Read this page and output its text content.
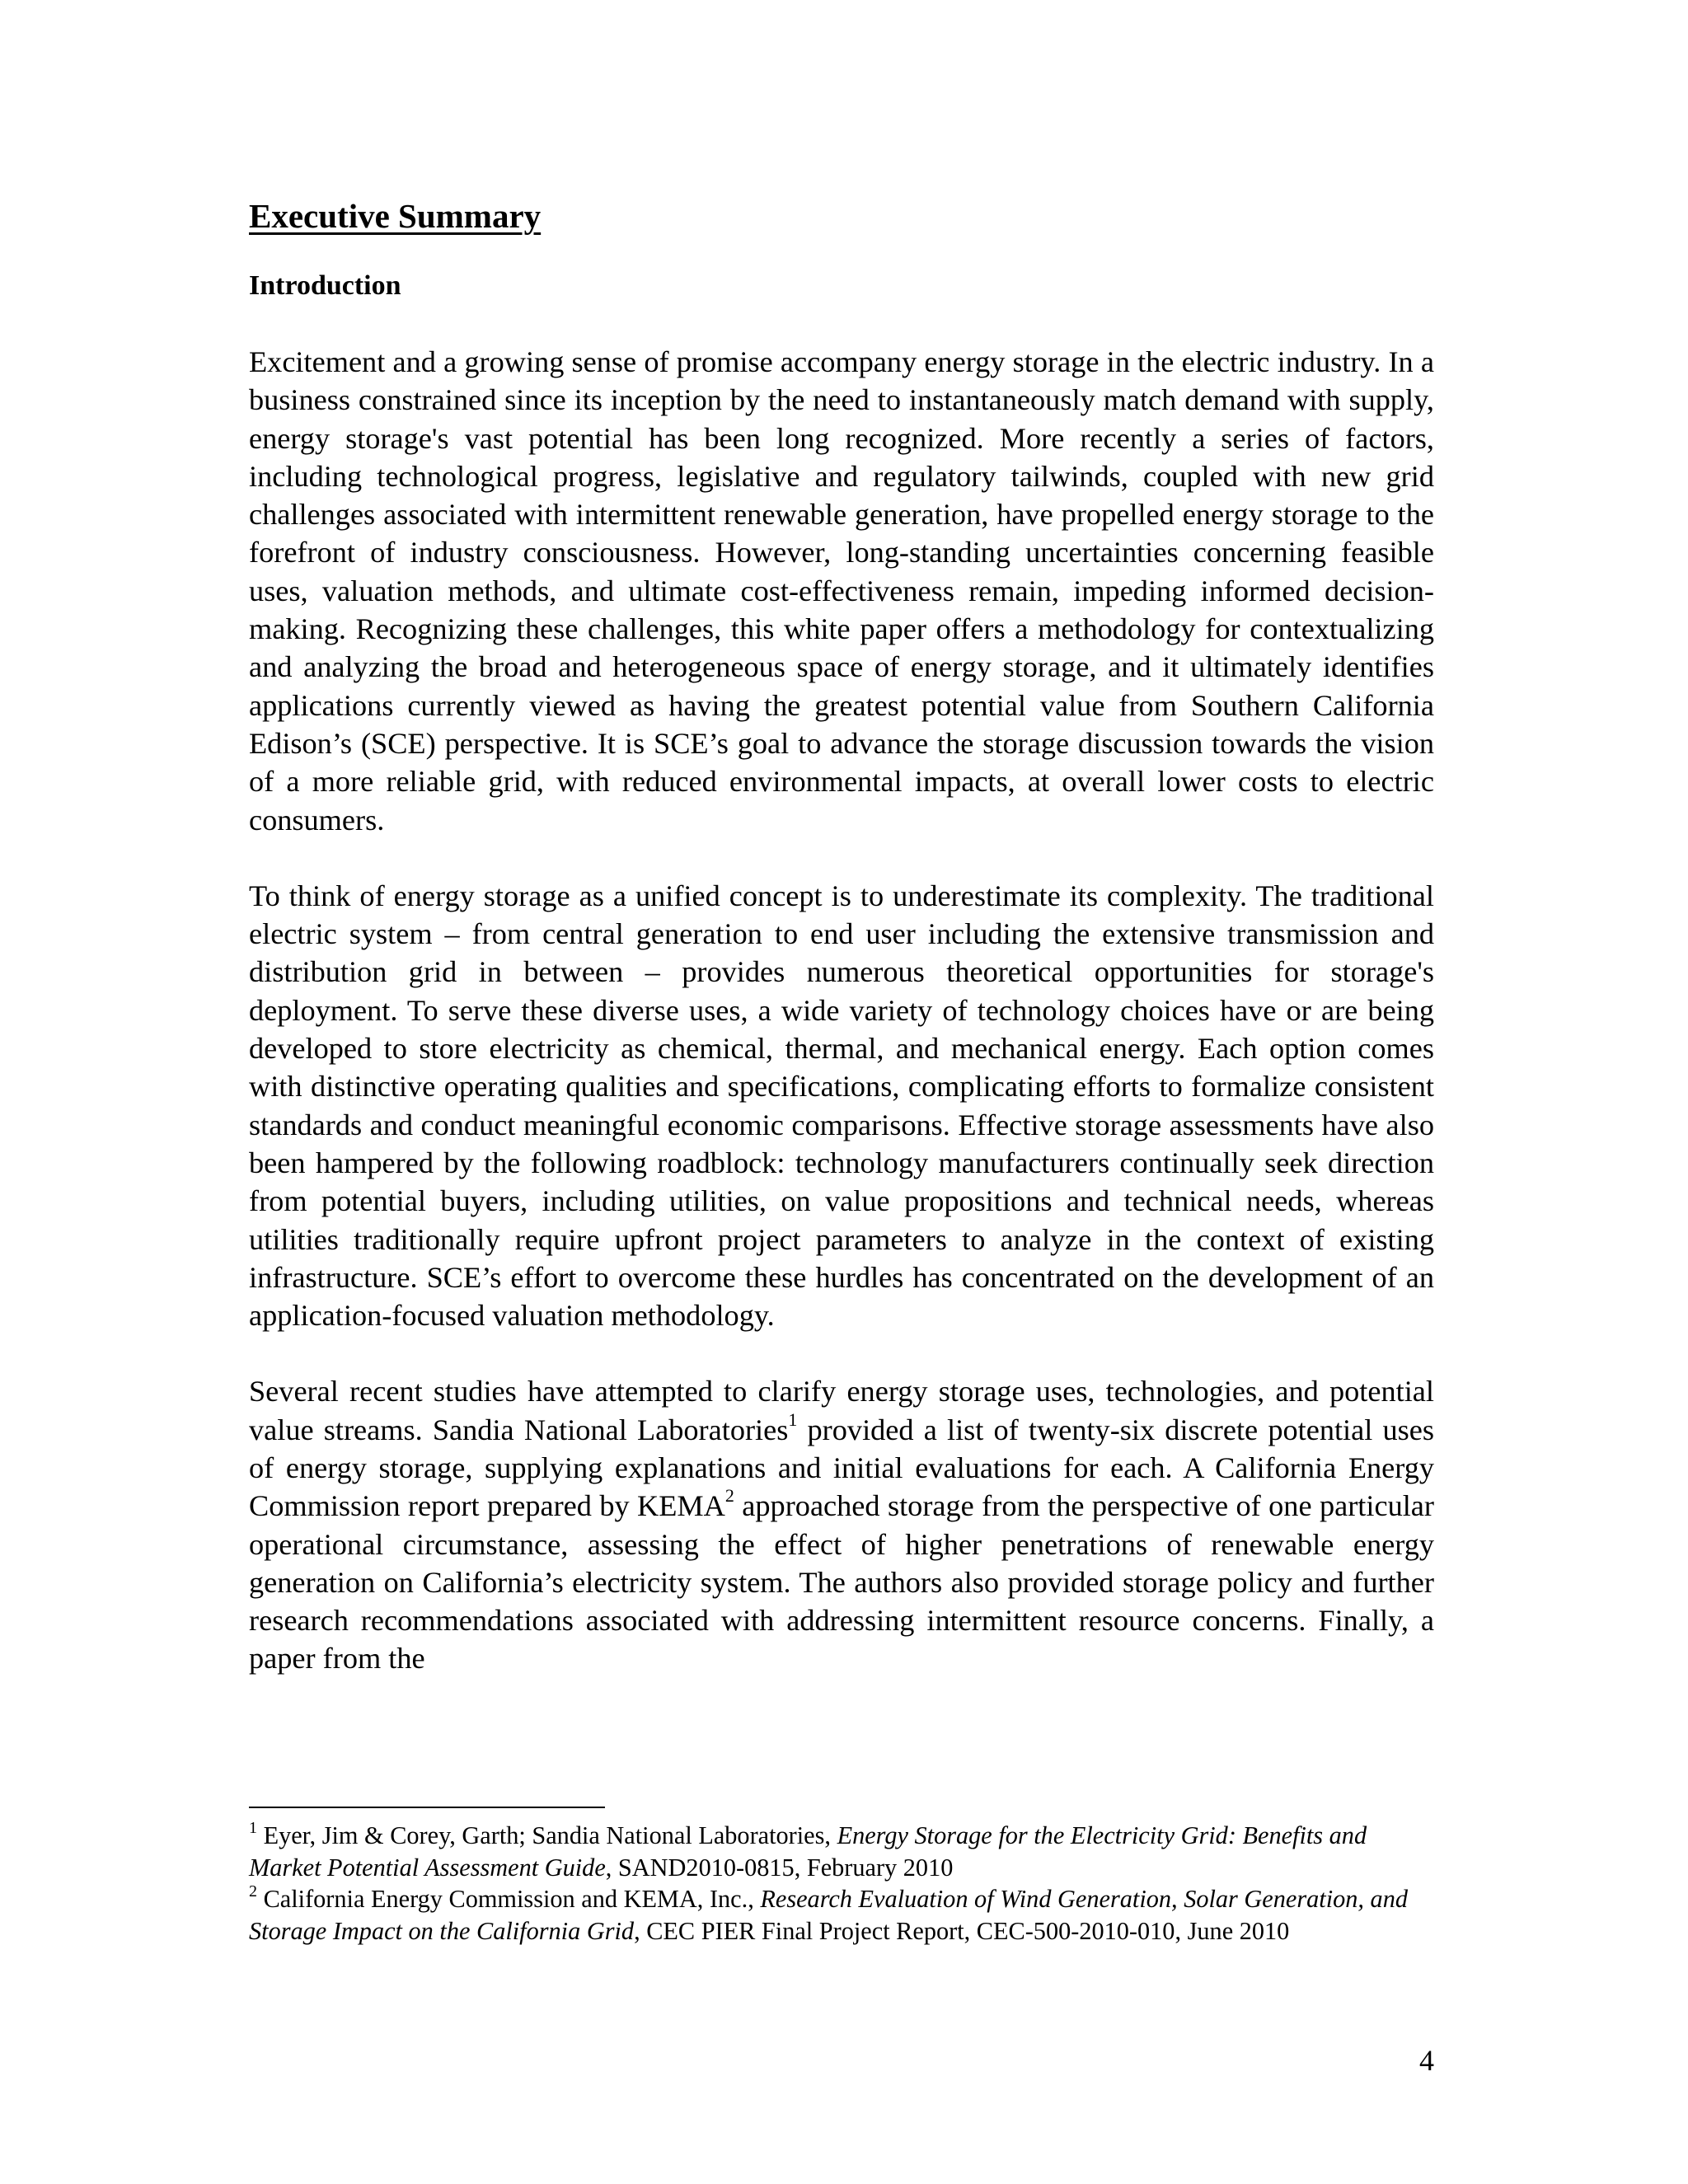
Executive Summary
Introduction

Excitement and a growing sense of promise accompany energy storage in the electric industry. In a business constrained since its inception by the need to instantaneously match demand with supply, energy storage's vast potential has been long recognized. More recently a series of factors, including technological progress, legislative and regulatory tailwinds, coupled with new grid challenges associated with intermittent renewable generation, have propelled energy storage to the forefront of industry consciousness. However, long-standing uncertainties concerning feasible uses, valuation methods, and ultimate cost-effectiveness remain, impeding informed decision-making. Recognizing these challenges, this white paper offers a methodology for contextualizing and analyzing the broad and heterogeneous space of energy storage, and it ultimately identifies applications currently viewed as having the greatest potential value from Southern California Edison’s (SCE) perspective. It is SCE’s goal to advance the storage discussion towards the vision of a more reliable grid, with reduced environmental impacts, at overall lower costs to electric consumers.

To think of energy storage as a unified concept is to underestimate its complexity. The traditional electric system – from central generation to end user including the extensive transmission and distribution grid in between – provides numerous theoretical opportunities for storage's deployment. To serve these diverse uses, a wide variety of technology choices have or are being developed to store electricity as chemical, thermal, and mechanical energy. Each option comes with distinctive operating qualities and specifications, complicating efforts to formalize consistent standards and conduct meaningful economic comparisons. Effective storage assessments have also been hampered by the following roadblock: technology manufacturers continually seek direction from potential buyers, including utilities, on value propositions and technical needs, whereas utilities traditionally require upfront project parameters to analyze in the context of existing infrastructure. SCE’s effort to overcome these hurdles has concentrated on the development of an application-focused valuation methodology.

Several recent studies have attempted to clarify energy storage uses, technologies, and potential value streams. Sandia National Laboratories$^1$ provided a list of twenty-six discrete potential uses of energy storage, supplying explanations and initial evaluations for each. A California Energy Commission report prepared by KEMA$^2$ approached storage from the perspective of one particular operational circumstance, assessing the effect of higher penetrations of renewable energy generation on California’s electricity system. The authors also provided storage policy and further research recommendations associated with addressing intermittent resource concerns. Finally, a paper from the

$^1$ Eyer, Jim & Corey, Garth; Sandia National Laboratories, Energy Storage for the Electricity Grid: Benefits and Market Potential Assessment Guide, SAND2010-0815, February 2010

$^2$ California Energy Commission and KEMA, Inc., Research Evaluation of Wind Generation, Solar Generation, and Storage Impact on the California Grid, CEC PIER Final Project Report, CEC-500-2010-010, June 2010

4
